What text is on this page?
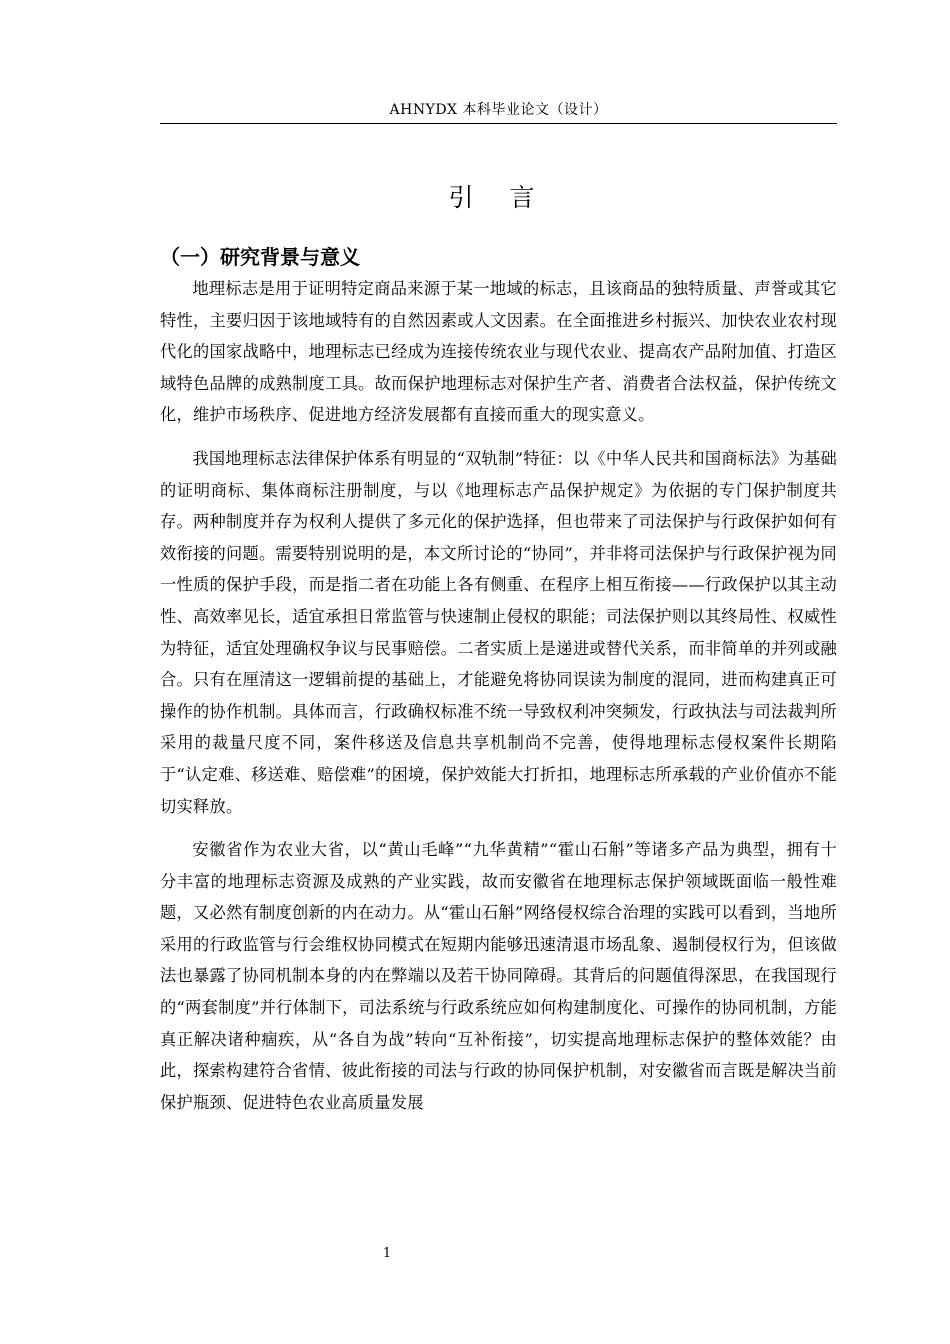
AHNYDX 本科毕业论文（设计）
引 言
（一）研究背景与意义

地理标志是用于证明特定商品来源于某一地域的标志，且该商品的独特质量、声誉或其它特性，主要归因于该地域特有的自然因素或人文因素。在全面推进乡村振兴、加快农业农村现代化的国家战略中，地理标志已经成为连接传统农业与现代农业、提高农产品附加值、打造区域特色品牌的成熟制度工具。故而保护地理标志对保护生产者、消费者合法权益，保护传统文化，维护市场秩序、促进地方经济发展都有直接而重大的现实意义。

我国地理标志法律保护体系有明显的“双轨制”特征：以《中华人民共和国商标法》为基础的证明商标、集体商标注册制度，与以《地理标志产品保护规定》为依据的专门保护制度共存。两种制度并存为权利人提供了多元化的保护选择，但也带来了司法保护与行政保护如何有效衔接的问题。需要特别说明的是，本文所讨论的“协同”，并非将司法保护与行政保护视为同一性质的保护手段，而是指二者在功能上各有侧重、在程序上相互衔接——行政保护以其主动性、高效率见长，适宜承担日常监管与快速制止侵权的职能；司法保护则以其终局性、权威性为特征，适宜处理确权争议与民事赔偿。二者实质上是递进或替代关系，而非简单的并列或融合。只有在厘清这一逻辑前提的基础上，才能避免将协同误读为制度的混同，进而构建真正可操作的协作机制。具体而言，行政确权标准不统一导致权利冲突频发，行政执法与司法裁判所采用的裁量尺度不同，案件移送及信息共享机制尚不完善，使得地理标志侵权案件长期陷于“认定难、移送难、赔偿难”的困境，保护效能大打折扣，地理标志所承载的产业价值亦不能切实释放。

安徽省作为农业大省，以“黄山毛峰”“九华黄精”“霍山石斛”等诸多产品为典型，拥有十分丰富的地理标志资源及成熟的产业实践，故而安徽省在地理标志保护领域既面临一般性难题，又必然有制度创新的内在动力。从“霍山石斛”网络侵权综合治理的实践可以看到，当地所采用的行政监管与行会维权协同模式在短期内能够迅速清退市场乱象、遏制侵权行为，但该做法也暴露了协同机制本身的内在弊端以及若干协同障碍。其背后的问题值得深思，在我国现行的“两套制度”并行体制下，司法系统与行政系统应如何构建制度化、可操作的协同机制，方能真正解决诸种痼疾，从“各自为战”转向“互补衔接”，切实提高地理标志保护的整体效能？由此，探索构建符合省情、彼此衔接的司法与行政的协同保护机制，对安徽省而言既是解决当前保护瓶颈、促进特色农业高质量发展

1
